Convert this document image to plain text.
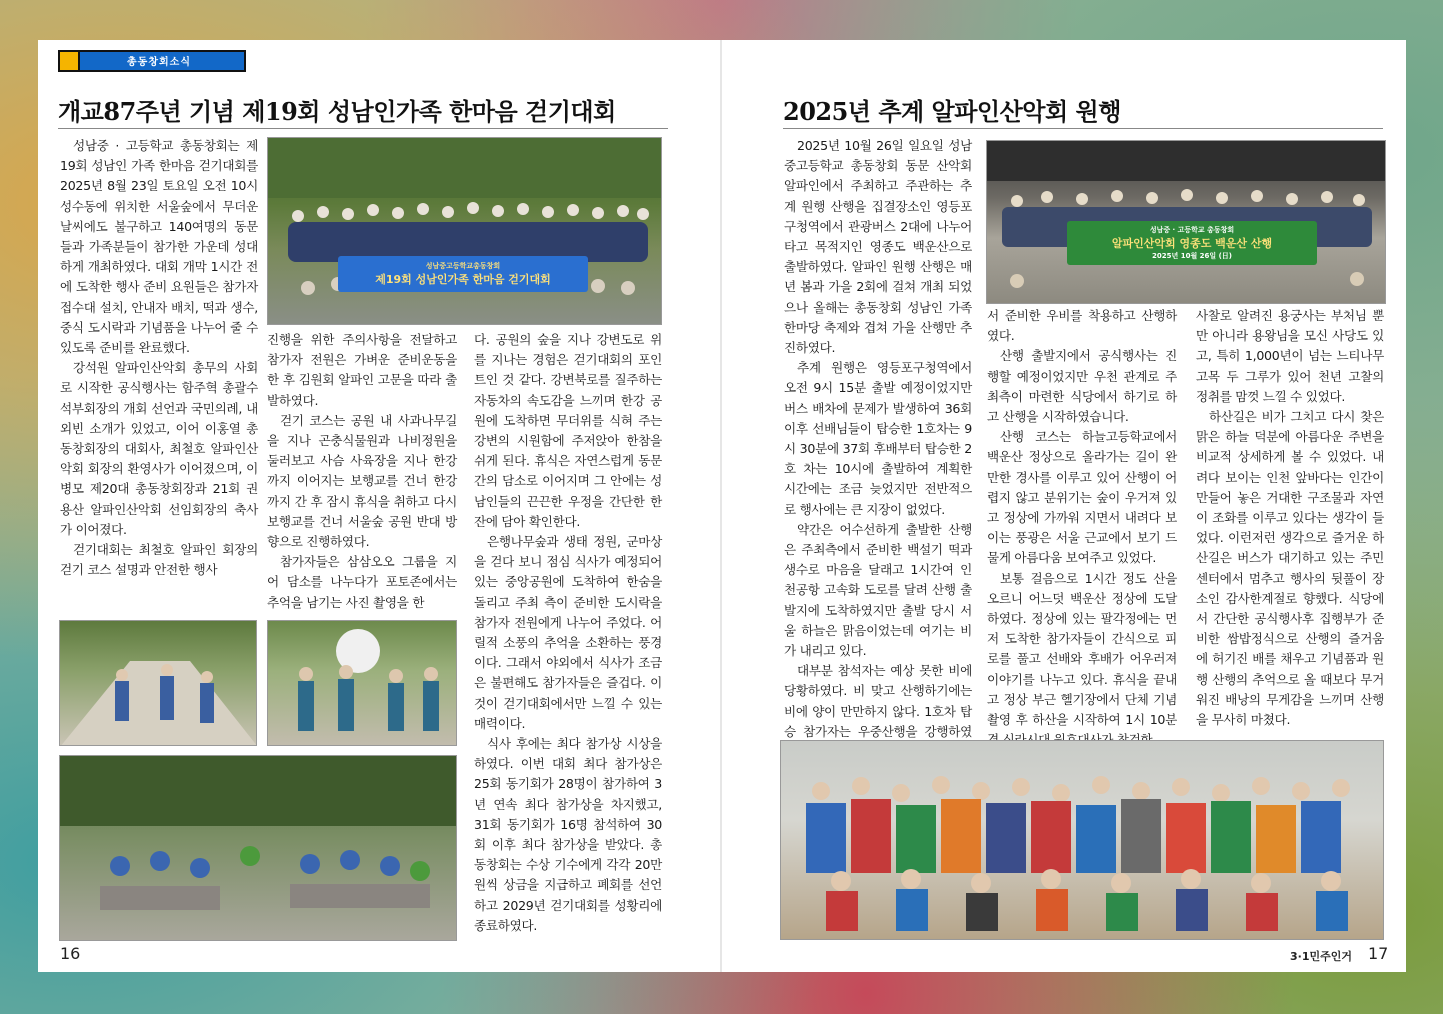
총동창회소식
개교87주년 기념 제19회 성남인가족 한마음 걷기대회

성남중 · 고등학교 총동창회는 제19회 성남인 가족 한마음 걷기대회를 2025년 8월 23일 토요일 오전 10시 성수동에 위치한 서울숲에서 무더운 날씨에도 불구하고 140여명의 동문들과 가족분들이 참가한 가운데 성대하게 개최하였다. 대회 개막 1시간 전에 도착한 행사 준비 요원들은 참가자 접수대 설치, 안내자 배치, 떡과 생수, 중식 도시락과 기념품을 나누어 줄 수 있도록 준비를 완료했다.

강석원 알파인산악회 총무의 사회로 시작한 공식행사는 함주혁 총괄수석부회장의 개회 선언과 국민의례, 내외빈 소개가 있었고, 이어 이홍열 총동창회장의 대회사, 최철호 알파인산악회 회장의 환영사가 이어졌으며, 이병모 제20대 총동창회장과 21회 권용산 알파인산악회 선임회장의 축사가 이어졌다.

걷기대회는 최철호 알파인 회장의 걷기 코스 설명과 안전한 행사

성남중고등학교총동창회
제19회 성남인가족 한마음 걷기대회

진행을 위한 주의사항을 전달하고 참가자 전원은 가벼운 준비운동을 한 후 김원회 알파인 고문을 따라 출발하였다.

걷기 코스는 공원 내 사과나무길을 지나 곤충식물원과 나비정원을 둘러보고 사슴 사육장을 지나 한강까지 이어지는 보행교를 건너 한강까지 간 후 잠시 휴식을 취하고 다시 보행교를 건너 서울숲 공원 반대 방향으로 진행하였다.

참가자들은 삼삼오오 그룹을 지어 담소를 나누다가 포토존에서는 추억을 남기는 사진 촬영을 한

다. 공원의 숲을 지나 강변도로 위를 지나는 경험은 걷기대회의 포인트인 것 같다. 강변북로를 질주하는 자동차의 속도감을 느끼며 한강 공원에 도착하면 무더위를 식혀 주는 강변의 시원함에 주저앉아 한참을 쉬게 된다. 휴식은 자연스럽게 동문 간의 담소로 이어지며 그 안에는 성남인들의 끈끈한 우정을 간단한 한잔에 담아 확인한다.

은행나무숲과 생태 정원, 군마상을 걷다 보니 점심 식사가 예정되어있는 중앙공원에 도착하여 한숨을 돌리고 주최 측이 준비한 도시락을 참가자 전원에게 나누어 주었다. 어릴적 소풍의 추억을 소환하는 풍경이다. 그래서 야외에서 식사가 조금은 불편해도 참가자들은 즐겁다. 이것이 걷기대회에서만 느낄 수 있는 매력이다.

식사 후에는 최다 참가상 시상을 하였다. 이번 대회 최다 참가상은 25회 동기회가 28명이 참가하여 3년 연속 최다 참가상을 차지했고, 31회 동기회가 16명 참석하여 30회 이후 최다 참가상을 받았다. 총동창회는 수상 기수에게 각각 20만 원씩 상금을 지급하고 폐회를 선언하고 2029년 걷기대회를 성황리에 종료하였다.

16
2025년 추계 알파인산악회 원행

2025년 10월 26일 일요일 성남중고등학교 총동창회 동문 산악회 알파인에서 주최하고 주관하는 추계 원행 산행을 집결장소인 영등포구청역에서 관광버스 2대에 나누어 타고 목적지인 영종도 백운산으로 출발하였다. 알파인 원행 산행은 매년 봄과 가을 2회에 걸쳐 개최 되었으나 올해는 총동창회 성남인 가족 한마당 축제와 겹쳐 가을 산행만 추진하였다.

추계 원행은 영등포구청역에서 오전 9시 15분 출발 예정이었지만 버스 배차에 문제가 발생하여 36회 이후 선배님들이 탑승한 1호차는 9시 30분에 37회 후배부터 탑승한 2호 차는 10시에 출발하여 계획한 시간에는 조금 늦었지만 전반적으로 행사에는 큰 지장이 없었다.

약간은 어수선하게 출발한 산행은 주최측에서 준비한 백설기 떡과 생수로 마음을 달래고 1시간여 인천공항 고속화 도로를 달려 산행 출발지에 도착하였지만 출발 당시 서울 하늘은 맑음이었는데 여기는 비가 내리고 있다.

대부분 참석자는 예상 못한 비에 당황하였다. 비 맞고 산행하기에는 비에 양이 만만하지 않다. 1호차 탑승 참가자는 우중산행을 강행하였

성남중 · 고등학교 총동창회
알파인산악회 영종도 백운산 산행
2025년 10월 26일 (日)

서 준비한 우비를 착용하고 산행하였다.

산행 출발지에서 공식행사는 진행할 예정이었지만 우천 관계로 주최측이 마련한 식당에서 하기로 하고 산행을 시작하였습니다.

산행 코스는 하늘고등학교에서 백운산 정상으로 올라가는 길이 완만한 경사를 이루고 있어 산행이 어렵지 않고 분위기는 숲이 우거져 있고 정상에 가까워 지면서 내려다 보이는 풍광은 서울 근교에서 보기 드물게 아름다움 보여주고 있었다.

보통 걸음으로 1시간 정도 산을 오르니 어느덧 백운산 정상에 도달하였다. 정상에 있는 팔각정에는 먼저 도착한 참가자들이 간식으로 피로를 풀고 선배와 후배가 어우러져 이야기를 나누고 있다. 휴식을 끝내고 정상 부근 헬기장에서 단체 기념 촬영 후 하산을 시작하여 1시 10분

사찰로 알려진 용궁사는 부처님 뿐만 아니라 용왕님을 모신 사당도 있고, 특히 1,000년이 넘는 느티나무 고목 두 그루가 있어 천년 고찰의 정취를 맘껏 느낄 수 있었다.

하산길은 비가 그치고 다시 찾은 맑은 하늘 덕분에 아름다운 주변을 비교적 상세하게 볼 수 있었다. 내려다 보이는 인천 앞바다는 인간이 만들어 놓은 거대한 구조물과 자연이 조화를 이루고 있다는 생각이 들었다. 이런저런 생각으로 즐거운 하산길은 버스가 대기하고 있는 주민센터에서 멈추고 행사의 뒷풀이 장소인 감사한계절로 향했다. 식당에서 간단한 공식행사후 집행부가 준비한 쌈밥정식으로 산행의 즐거움에 허기진 배를 채우고 기념품과 원행 산행의 추억으로 올 때보다 무거워진 배낭의 무게감을 느끼며 산행을 무사히 마쳤다.

3·1민주인거 17
